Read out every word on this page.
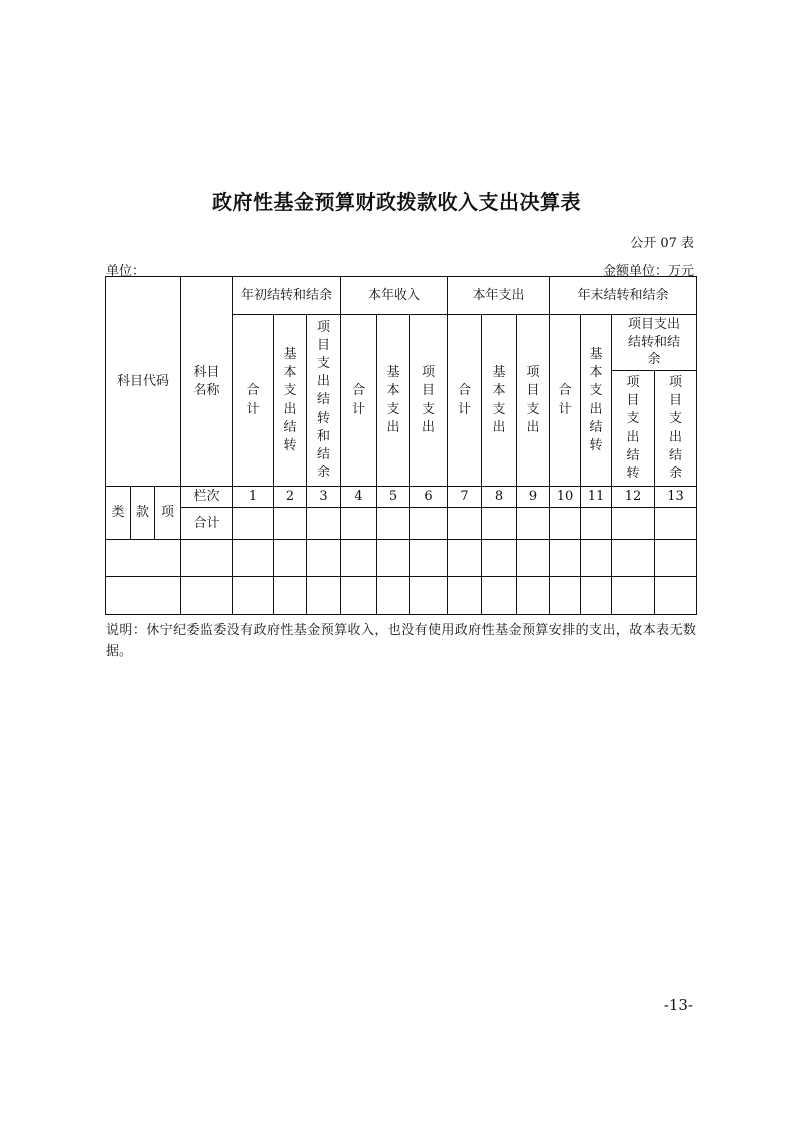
政府性基金预算财政拨款收入支出决算表
公开 07 表
单位：	金额单位：万元
科目代码			科目名称	年初结转和结余			本年收入			本年支出			年末结转和结余			
				合计	基本支出结转	项目支出结转和结余	合计	基本支出	项目支出	合计	基本支出	项目支出	合计	基本支出结转	项目支出结转和结余	
															项目支出结转	项目支出结余
类	款	项	栏次	1	2	3	4	5	6	7	8	9	10	11	12	13
			合计													

说明：休宁纪委监委没有政府性基金预算收入，也没有使用政府性基金预算安排的支出，故本表无数据。
-13-
